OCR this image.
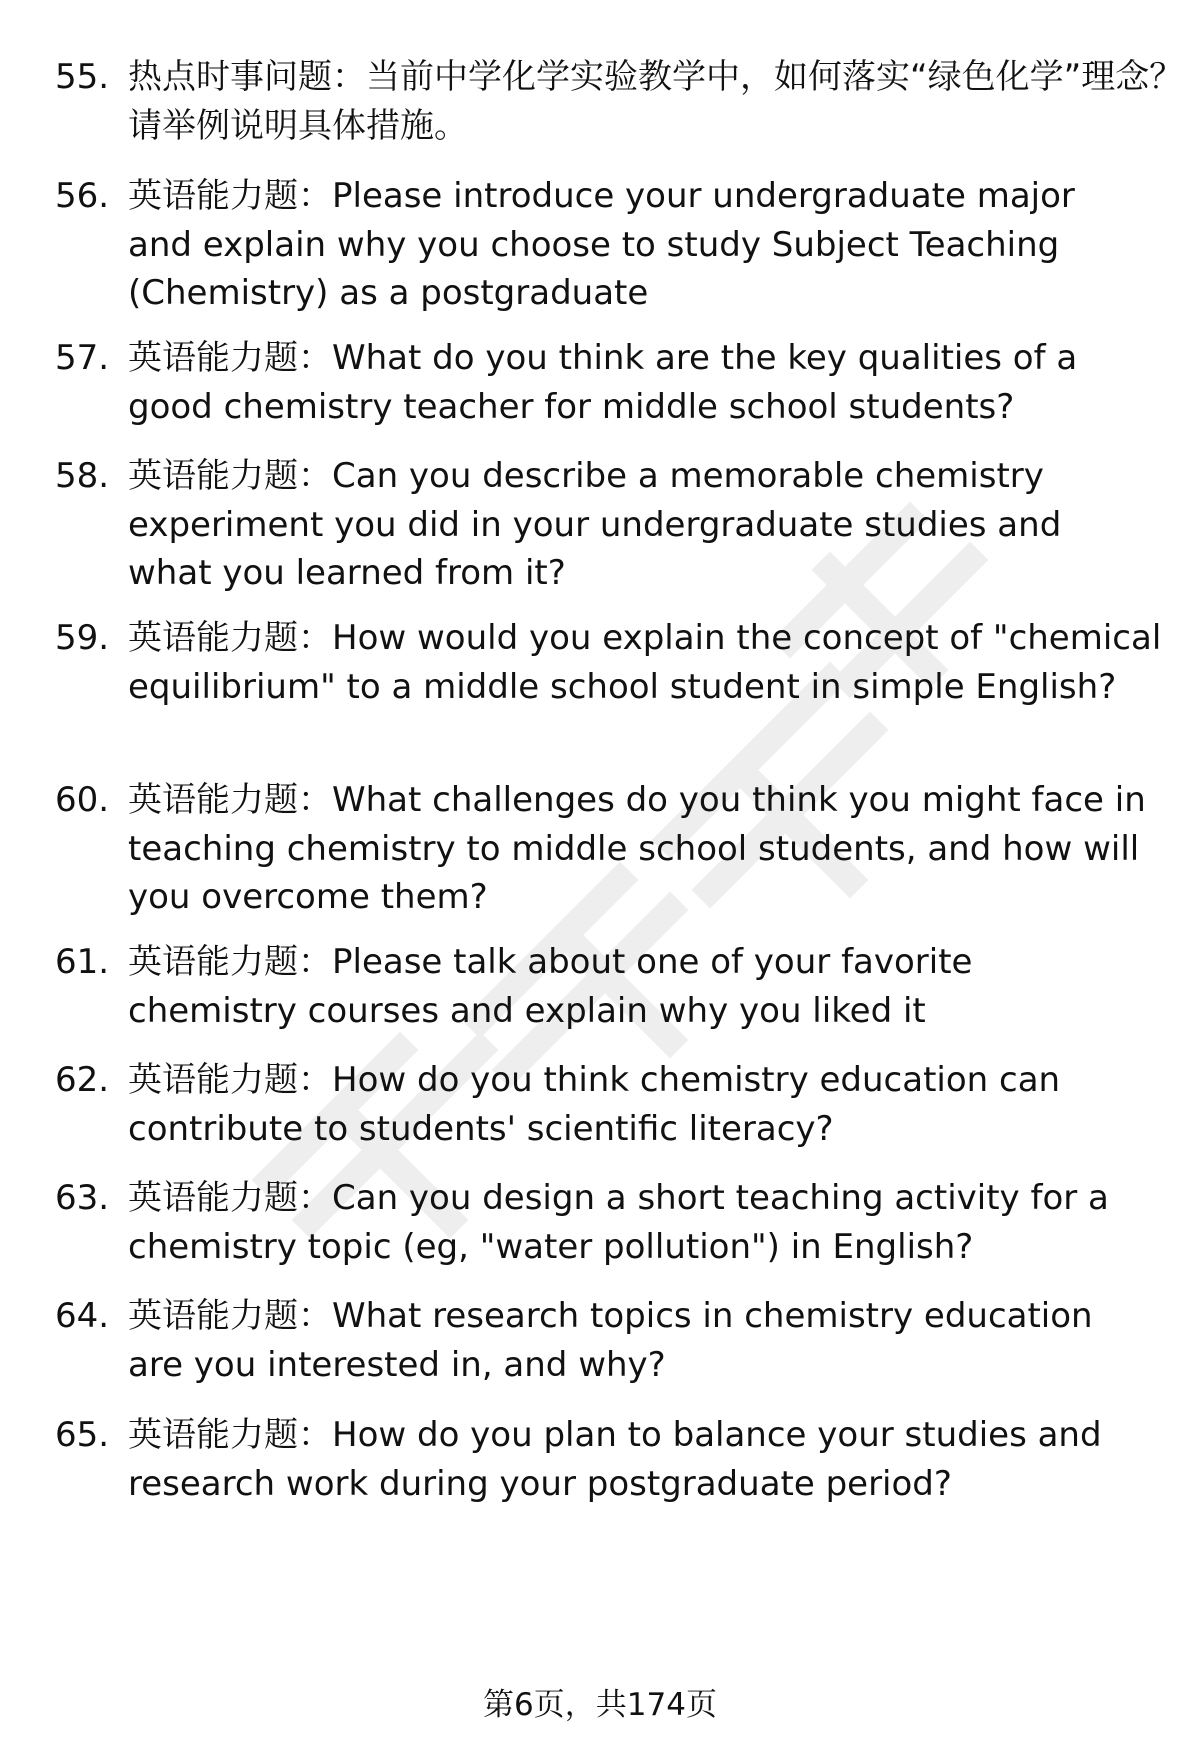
55. 热点时事问题：当前中学化学实验教学中，如何落实“绿色化学”理念？请举例说明具体措施。
56. 英语能力题：Please introduce your undergraduate major and explain why you choose to study Subject Teaching (Chemistry) as a postgraduate
57. 英语能力题：What do you think are the key qualities of a good chemistry teacher for middle school students?
58. 英语能力题：Can you describe a memorable chemistry experiment you did in your undergraduate studies and what you learned from it?
59. 英语能力题：How would you explain the concept of "chemical equilibrium" to a middle school student in simple English?
60. 英语能力题：What challenges do you think you might face in teaching chemistry to middle school students, and how will you overcome them?
61. 英语能力题：Please talk about one of your favorite chemistry courses and explain why you liked it
62. 英语能力题：How do you think chemistry education can contribute to students' scientific literacy?
63. 英语能力题：Can you design a short teaching activity for a chemistry topic (eg, "water pollution") in English?
64. 英语能力题：What research topics in chemistry education are you interested in, and why?
65. 英语能力题：How do you plan to balance your studies and research work during your postgraduate period?
第6页，共174页
